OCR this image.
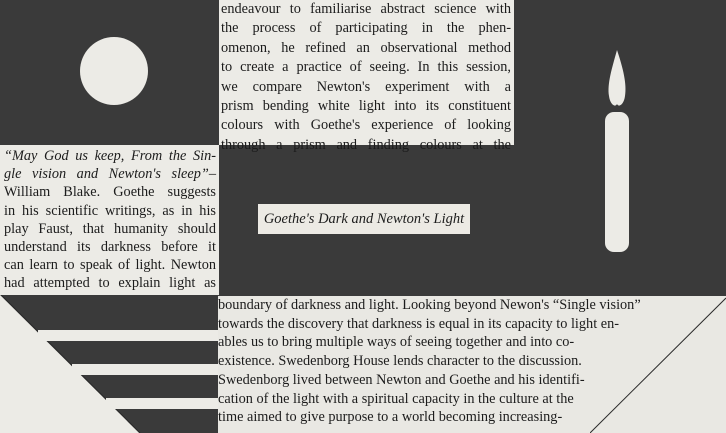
endeavour to familiarise abstract science with
the process of participating in the phen-
omenon, he refined an observational method
to create a practice of seeing. In this session,
we compare Newton's experiment with a
prism bending white light into its constituent
colours with Goethe's experience of looking
through a prism and finding colours at the

“May God us keep, From the Sin-
gle vision and Newton's sleep”–
William Blake. Goethe suggests
in his scientific writings, as in his
play Faust, that humanity should
understand its darkness before it
can learn to speak of light. Newton
had attempted to explain light as

Goethe's Dark and Newton's Light

boundary of darkness and light. Looking beyond Newon's “Single vision”
towards the discovery that darkness is equal in its capacity to light en-
ables us to bring multiple ways of seeing together and into co-
existence. Swedenborg House lends character to the discussion.
Swedenborg lived between Newton and Goethe and his identifi-
cation of the light with a spiritual capacity in the culture at the
time aimed to give purpose to a world becoming increasing-
